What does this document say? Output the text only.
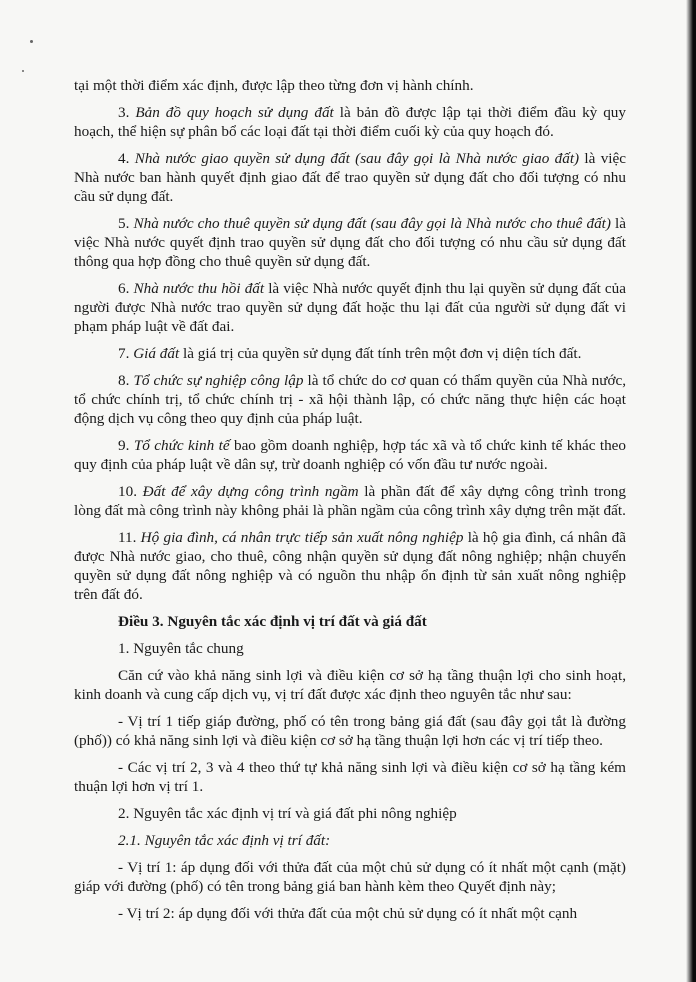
tại một thời điểm xác định, được lập theo từng đơn vị hành chính.

3. Bản đồ quy hoạch sử dụng đất là bản đồ được lập tại thời điểm đầu kỳ quy hoạch, thể hiện sự phân bổ các loại đất tại thời điểm cuối kỳ của quy hoạch đó.

4. Nhà nước giao quyền sử dụng đất (sau đây gọi là Nhà nước giao đất) là việc Nhà nước ban hành quyết định giao đất để trao quyền sử dụng đất cho đối tượng có nhu cầu sử dụng đất.

5. Nhà nước cho thuê quyền sử dụng đất (sau đây gọi là Nhà nước cho thuê đất) là việc Nhà nước quyết định trao quyền sử dụng đất cho đối tượng có nhu cầu sử dụng đất thông qua hợp đồng cho thuê quyền sử dụng đất.

6. Nhà nước thu hồi đất là việc Nhà nước quyết định thu lại quyền sử dụng đất của người được Nhà nước trao quyền sử dụng đất hoặc thu lại đất của người sử dụng đất vi phạm pháp luật về đất đai.

7. Giá đất là giá trị của quyền sử dụng đất tính trên một đơn vị diện tích đất.

8. Tổ chức sự nghiệp công lập là tổ chức do cơ quan có thẩm quyền của Nhà nước, tổ chức chính trị, tổ chức chính trị - xã hội thành lập, có chức năng thực hiện các hoạt động dịch vụ công theo quy định của pháp luật.

9. Tổ chức kinh tế bao gồm doanh nghiệp, hợp tác xã và tổ chức kinh tế khác theo quy định của pháp luật về dân sự, trừ doanh nghiệp có vốn đầu tư nước ngoài.

10. Đất để xây dựng công trình ngầm là phần đất để xây dựng công trình trong lòng đất mà công trình này không phải là phần ngầm của công trình xây dựng trên mặt đất.

11. Hộ gia đình, cá nhân trực tiếp sản xuất nông nghiệp là hộ gia đình, cá nhân đã được Nhà nước giao, cho thuê, công nhận quyền sử dụng đất nông nghiệp; nhận chuyển quyền sử dụng đất nông nghiệp và có nguồn thu nhập ổn định từ sản xuất nông nghiệp trên đất đó.

Điều 3. Nguyên tắc xác định vị trí đất và giá đất

1. Nguyên tắc chung

Căn cứ vào khả năng sinh lợi và điều kiện cơ sở hạ tầng thuận lợi cho sinh hoạt, kinh doanh và cung cấp dịch vụ, vị trí đất được xác định theo nguyên tắc như sau:

- Vị trí 1 tiếp giáp đường, phố có tên trong bảng giá đất (sau đây gọi tắt là đường (phố)) có khả năng sinh lợi và điều kiện cơ sở hạ tầng thuận lợi hơn các vị trí tiếp theo.

- Các vị trí 2, 3 và 4 theo thứ tự khả năng sinh lợi và điều kiện cơ sở hạ tầng kém thuận lợi hơn vị trí 1.

2. Nguyên tắc xác định vị trí và giá đất phi nông nghiệp

2.1. Nguyên tắc xác định vị trí đất:

- Vị trí 1: áp dụng đối với thửa đất của một chủ sử dụng có ít nhất một cạnh (mặt) giáp với đường (phố) có tên trong bảng giá ban hành kèm theo Quyết định này;

- Vị trí 2: áp dụng đối với thửa đất của một chủ sử dụng có ít nhất một cạnh
